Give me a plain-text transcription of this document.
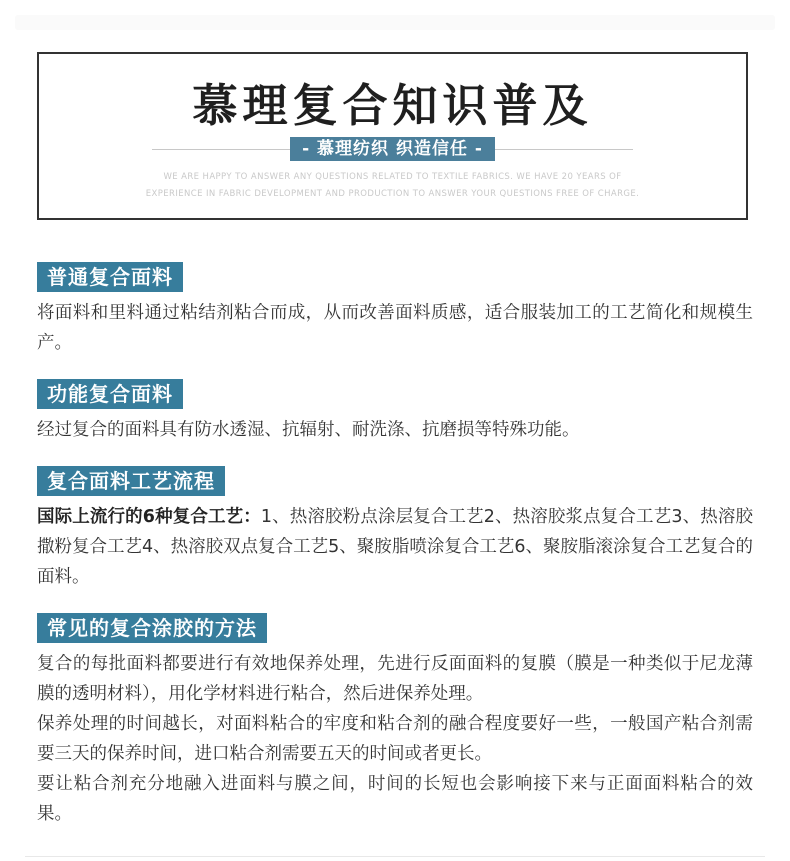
慕理复合知识普及
- 慕理纺织 织造信任 -
WE ARE HAPPY TO ANSWER ANY QUESTIONS RELATED TO TEXTILE FABRICS. WE HAVE 20 YEARS OF
EXPERIENCE IN FABRIC DEVELOPMENT AND PRODUCTION TO ANSWER YOUR QUESTIONS FREE OF CHARGE.
普通复合面料

将面料和里料通过粘结剂粘合而成，从而改善面料质感，适合服装加工的工艺简化和规模生产。

功能复合面料

经过复合的面料具有防水透湿、抗辐射、耐洗涤、抗磨损等特殊功能。

复合面料工艺流程

国际上流行的6种复合工艺：1、热溶胶粉点涂层复合工艺2、热溶胶浆点复合工艺3、热溶胶撒粉复合工艺4、热溶胶双点复合工艺5、聚胺脂喷涂复合工艺6、聚胺脂滚涂复合工艺复合的面料。

常见的复合涂胶的方法

复合的每批面料都要进行有效地保养处理，先进行反面面料的复膜（膜是一种类似于尼龙薄膜的透明材料），用化学材料进行粘合，然后进保养处理。

保养处理的时间越长，对面料粘合的牢度和粘合剂的融合程度要好一些，一般国产粘合剂需要三天的保养时间，进口粘合剂需要五天的时间或者更长。

要让粘合剂充分地融入进面料与膜之间，时间的长短也会影响接下来与正面面料粘合的效果。
